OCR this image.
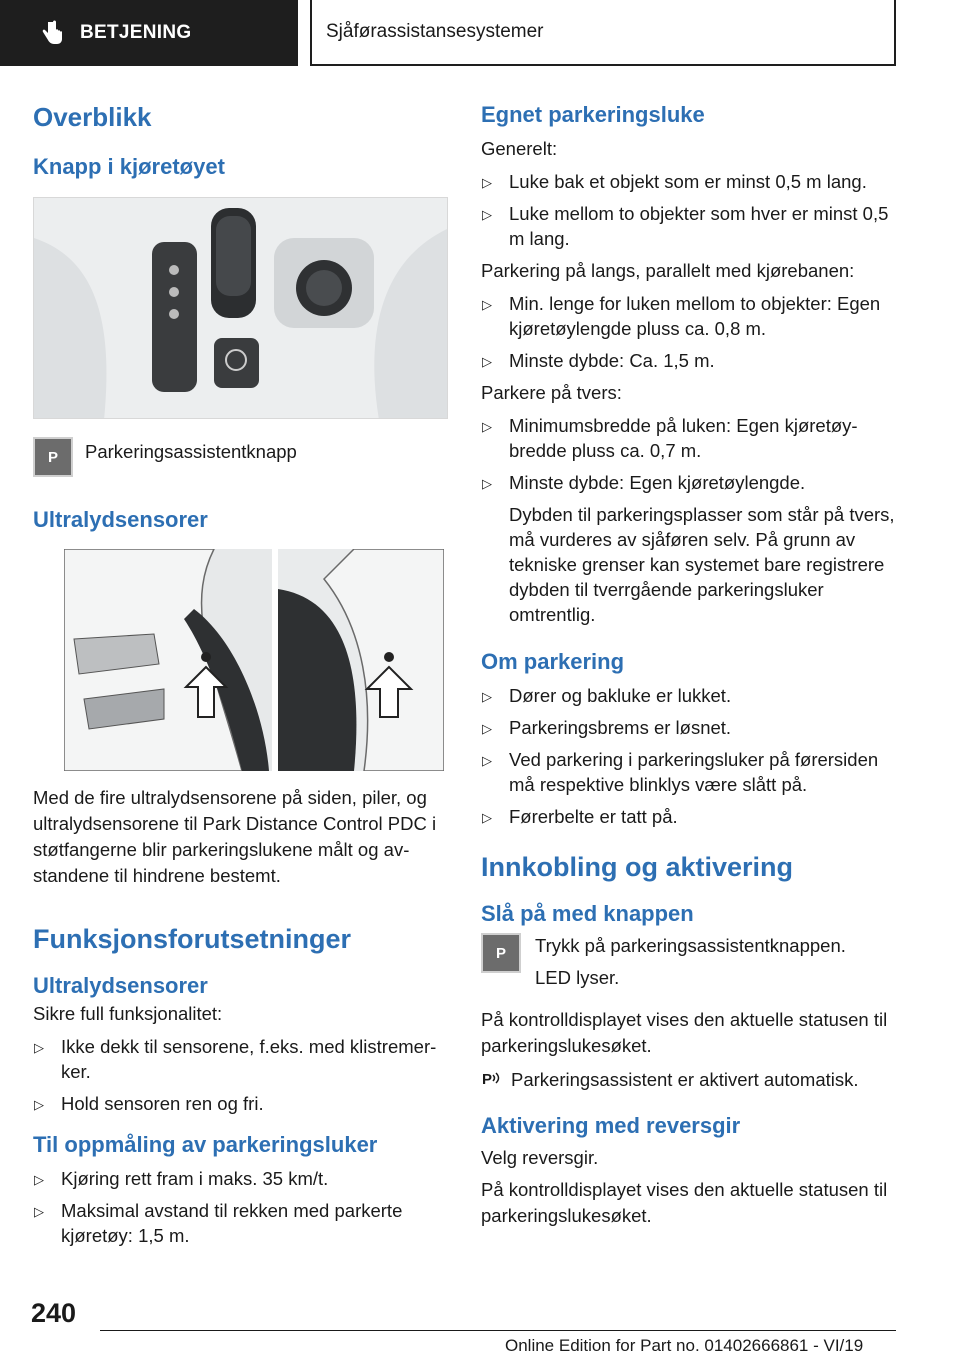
BETJENING	Sjåførassistansesystemer
Overblikk
Knapp i kjøretøyet
P	Parkeringsassistentknapp
Ultralydsensorer
Med de fire ultralydsensorene på siden, piler, og ultralydsensorene til Park Distance Control PDC i støtfangerne blir parkeringslukene målt og avstandene til hindrene bestemt.
Funksjonsforutsetninger
Ultralydsensorer
Sikre full funksjonalitet:
▷ Ikke dekk til sensorene, f.eks. med klistremerker.
▷ Hold sensoren ren og fri.
Til oppmåling av parkeringsluker
▷ Kjøring rett fram i maks. 35 km/t.
▷ Maksimal avstand til rekken med parkerte kjøretøy: 1,5 m.
Egnet parkeringsluke
Generelt:
▷ Luke bak et objekt som er minst 0,5 m lang.
▷ Luke mellom to objekter som hver er minst 0,5 m lang.
Parkering på langs, parallelt med kjørebanen:
▷ Min. lenge for luken mellom to objekter: Egen kjøretøylengde pluss ca. 0,8 m.
▷ Minste dybde: Ca. 1,5 m.
Parkere på tvers:
▷ Minimumsbredde på luken: Egen kjøretøybredde pluss ca. 0,7 m.
▷ Minste dybde: Egen kjøretøylengde.
Dybden til parkeringsplasser som står på tvers, må vurderes av sjåføren selv. På grunn av tekniske grenser kan systemet bare registrere dybden til tverrgående parkeringsluker omtrentlig.
Om parkering
▷ Dører og bakluke er lukket.
▷ Parkeringsbrems er løsnet.
▷ Ved parkering i parkeringsluker på førersiden må respektive blinklys være slått på.
▷ Førerbelte er tatt på.
Innkobling og aktivering
Slå på med knappen
P	Trykk på parkeringsassistentknappen.
LED lyser.
På kontrolldisplayet vises den aktuelle statusen til parkeringslukesøket.
P Parkeringsassistent er aktivert automatisk.
Aktivering med reversgir
Velg reversgir.
På kontrolldisplayet vises den aktuelle statusen til parkeringslukesøket.
240
Online Edition for Part no. 01402666861 - VI/19
